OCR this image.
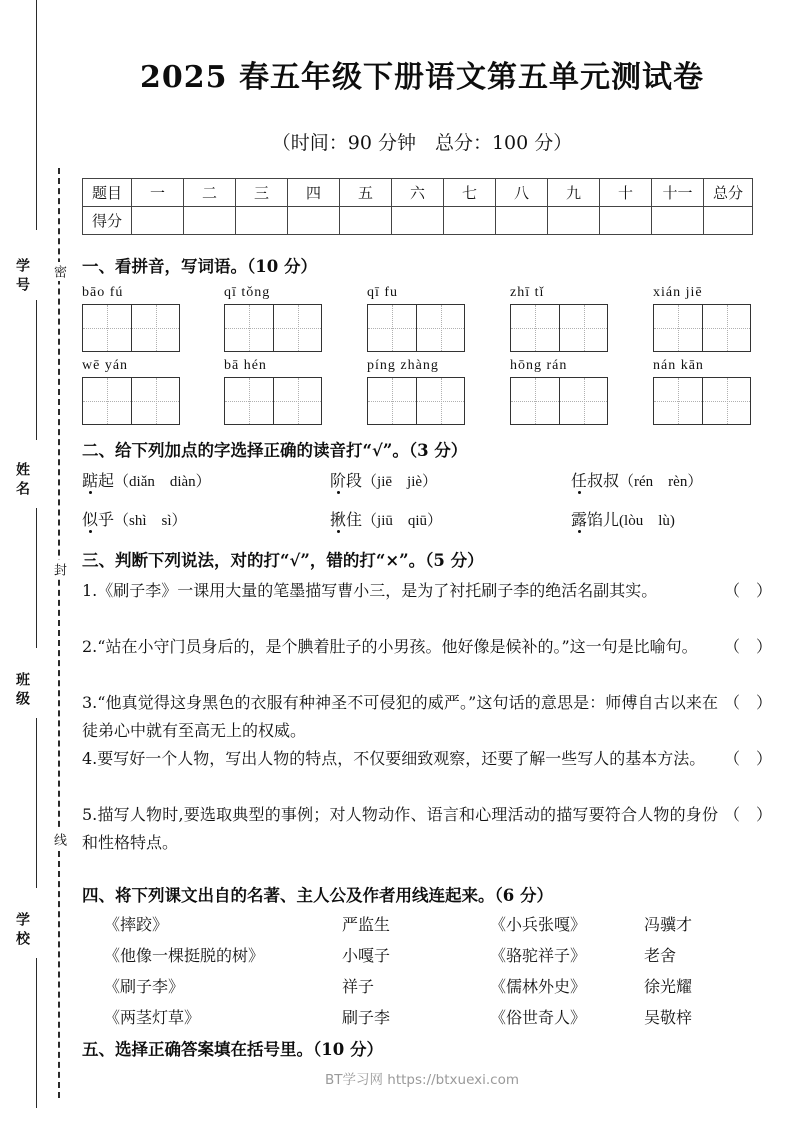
学号
姓名
班级
学校
密
封
线
2025 春五年级下册语文第五单元测试卷
（时间：90 分钟　总分：100 分）
题目	一	二	三	四	五	六	七	八	九	十	十一	总分
得分												
一、看拼音，写词语。（10 分）
bāo fú	qī tǒng	qī fu	zhī tǐ	xián jiē
wē yán	bā hén	píng zhàng	hōng rán	nán kān
二、给下列加点的字选择正确的读音打“√”。（3 分）
踮起（diǎn　diàn）	阶段（jiē　jiè）	任叔叔（rén　rèn）
似乎（shì　sì）	揪住（jiū　qiū）	露馅儿(lòu　lù)
三、判断下列说法，对的打“√”，错的打“×”。（5 分）
（　）
1.《刷子李》一课用大量的笔墨描写曹小三，是为了衬托刷子李的绝活名副其实。
（　）
2.“站在小守门员身后的，是个腆着肚子的小男孩。他好像是候补的。”这一句是比喻句。
（　）
3.“他真觉得这身黑色的衣服有种神圣不可侵犯的威严。”这句话的意思是：师傅自古以来在徒弟心中就有至高无上的权威。
（　）
4.要写好一个人物，写出人物的特点，不仅要细致观察，还要了解一些写人的基本方法。
（　）
5.描写人物时,要选取典型的事例；对人物动作、语言和心理活动的描写要符合人物的身份和性格特点。
四、将下列课文出自的名著、主人公及作者用线连起来。（6 分）
《摔跤》	严监生	《小兵张嘎》	冯骥才
《他像一棵挺脱的树》	小嘎子	《骆驼祥子》	老舍
《刷子李》	祥子	《儒林外史》	徐光耀
《两茎灯草》	刷子李	《俗世奇人》	吴敬梓
五、选择正确答案填在括号里。（10 分）
BT学习网 https://btxuexi.com
